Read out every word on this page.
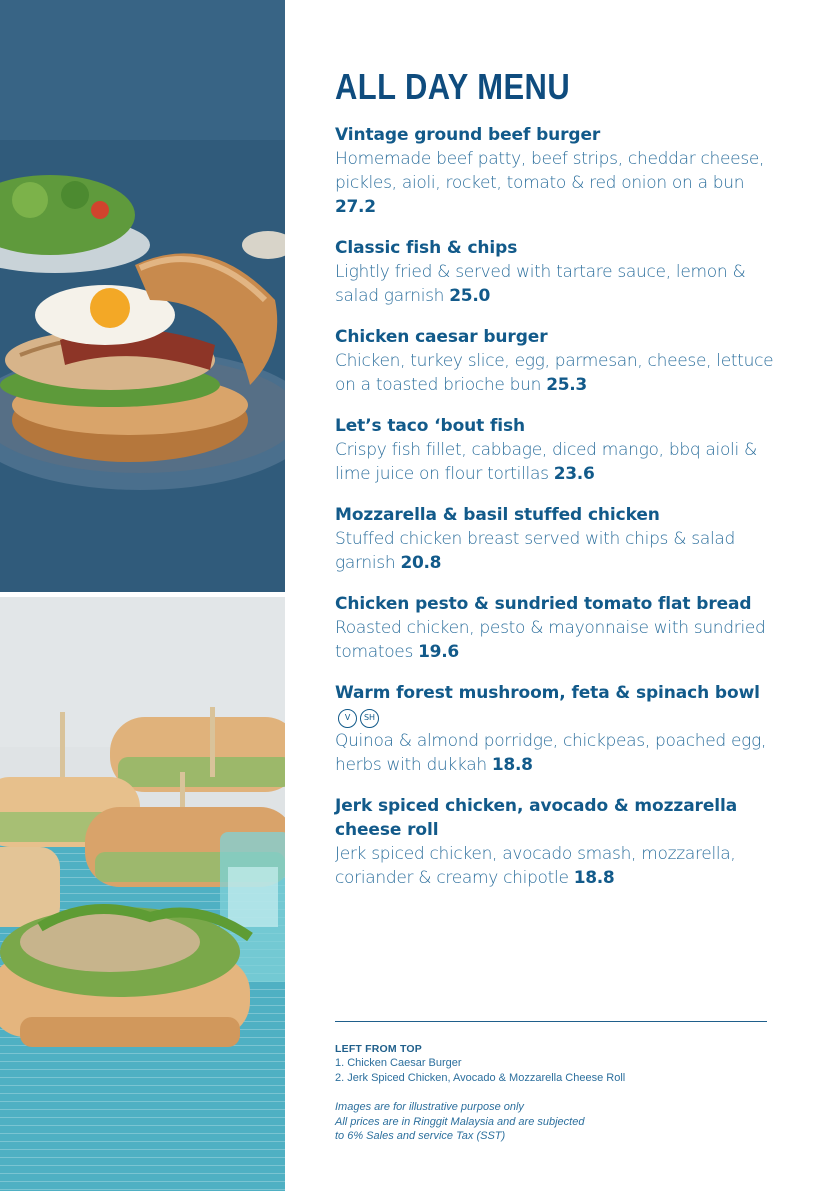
ALL DAY MENU
Vintage ground beef burger
Homemade beef patty, beef strips, cheddar cheese, pickles, aioli, rocket, tomato & red onion on a bun 27.2
Classic fish & chips
Lightly fried & served with tartare sauce, lemon & salad garnish 25.0
Chicken caesar burger
Chicken, turkey slice, egg, parmesan, cheese, lettuce on a toasted brioche bun 25.3
Let’s taco ‘bout fish
Crispy fish fillet, cabbage, diced mango, bbq aioli & lime juice on flour tortillas 23.6
Mozzarella & basil stuffed chicken
Stuffed chicken breast served with chips & salad garnish 20.8
Chicken pesto & sundried tomato flat bread
Roasted chicken, pesto & mayonnaise with sundried tomatoes 19.6
Warm forest mushroom, feta & spinach bowlV SH
Quinoa & almond porridge, chickpeas, poached egg, herbs with dukkah 18.8
Jerk spiced chicken, avocado & mozzarella cheese roll
Jerk spiced chicken, avocado smash, mozzarella, coriander & creamy chipotle 18.8
LEFT FROM TOP
1. Chicken Caesar Burger
2. Jerk Spiced Chicken, Avocado & Mozzarella Cheese Roll
Images are for illustrative purpose only
All prices are in Ringgit Malaysia and are subjected
to 6% Sales and service Tax (SST)
